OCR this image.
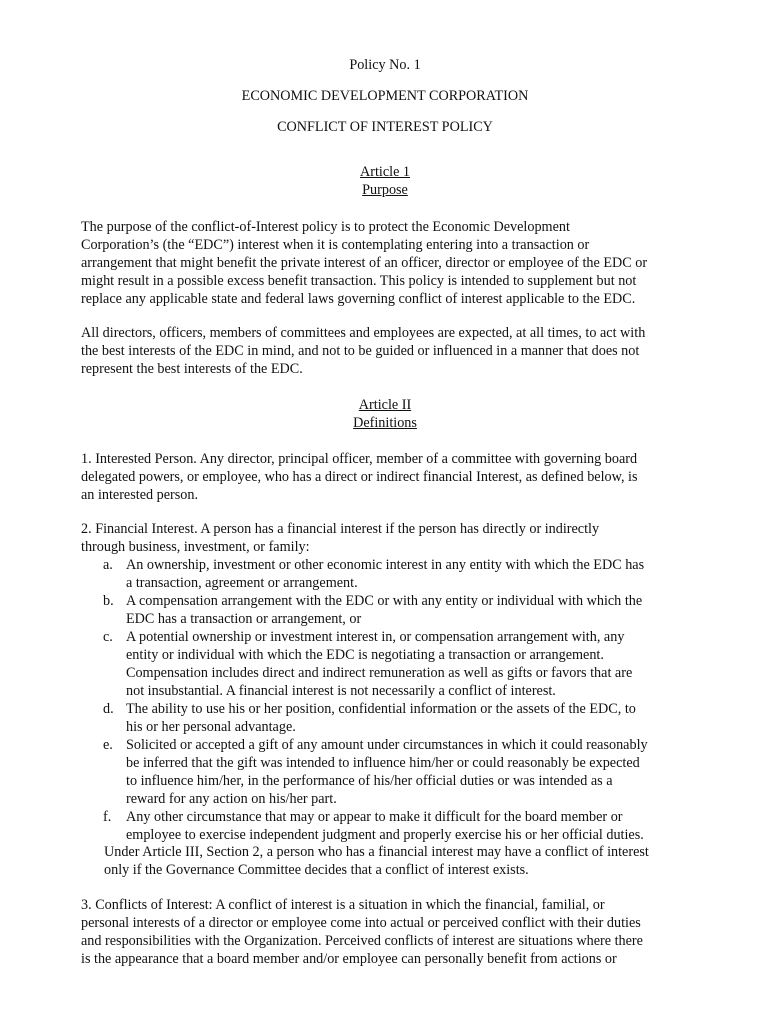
Policy No. 1
ECONOMIC DEVELOPMENT CORPORATION
CONFLICT OF INTEREST POLICY
Article 1
Purpose
The purpose of the conflict-of-Interest policy is to protect the Economic Development
Corporation’s (the “EDC”) interest when it is contemplating entering into a transaction or
arrangement that might benefit the private interest of an officer, director or employee of the EDC or
might result in a possible excess benefit transaction. This policy is intended to supplement but not
replace any applicable state and federal laws governing conflict of interest applicable to the EDC.
All directors, officers, members of committees and employees are expected, at all times, to act with
the best interests of the EDC in mind, and not to be guided or influenced in a manner that does not
represent the best interests of the EDC.
Article II
Definitions
1. Interested Person. Any director, principal officer, member of a committee with governing board
delegated powers, or employee, who has a direct or indirect financial Interest, as defined below, is
an interested person.
2. Financial Interest. A person has a financial interest if the person has directly or indirectly
through business, investment, or family:
a. An ownership, investment or other economic interest in any entity with which the EDC has
a transaction, agreement or arrangement.
b. A compensation arrangement with the EDC or with any entity or individual with which the
EDC has a transaction or arrangement, or
c. A potential ownership or investment interest in, or compensation arrangement with, any
entity or individual with which the EDC is negotiating a transaction or arrangement.
Compensation includes direct and indirect remuneration as well as gifts or favors that are
not insubstantial. A financial interest is not necessarily a conflict of interest.
d. The ability to use his or her position, confidential information or the assets of the EDC, to
his or her personal advantage.
e. Solicited or accepted a gift of any amount under circumstances in which it could reasonably
be inferred that the gift was intended to influence him/her or could reasonably be expected
to influence him/her, in the performance of his/her official duties or was intended as a
reward for any action on his/her part.
f. Any other circumstance that may or appear to make it difficult for the board member or
employee to exercise independent judgment and properly exercise his or her official duties.
Under Article III, Section 2, a person who has a financial interest may have a conflict of interest
only if the Governance Committee decides that a conflict of interest exists.
3. Conflicts of Interest: A conflict of interest is a situation in which the financial, familial, or
personal interests of a director or employee come into actual or perceived conflict with their duties
and responsibilities with the Organization. Perceived conflicts of interest are situations where there
is the appearance that a board member and/or employee can personally benefit from actions or
